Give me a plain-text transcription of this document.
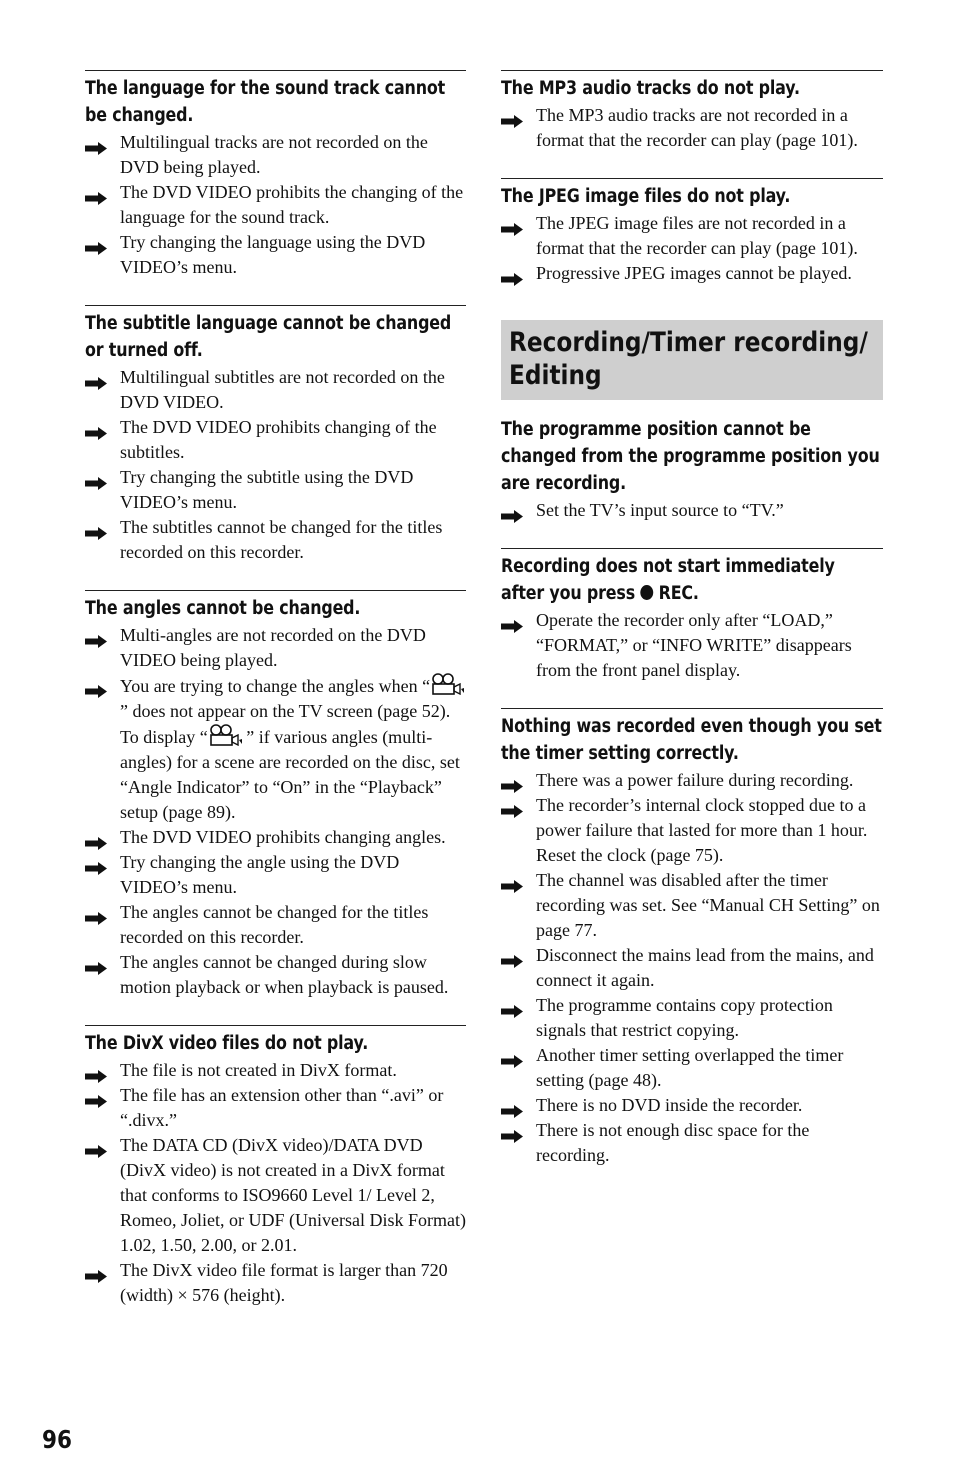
The language for the sound track cannot be changed.
Multilingual tracks are not recorded on the DVD being played.
The DVD VIDEO prohibits the changing of the language for the sound track.
Try changing the language using the DVD VIDEO’s menu.
The subtitle language cannot be changed or turned off.
Multilingual subtitles are not recorded on the DVD VIDEO.
The DVD VIDEO prohibits changing of the subtitles.
Try changing the subtitle using the DVD VIDEO’s menu.
The subtitles cannot be changed for the titles recorded on this recorder.
The angles cannot be changed.
Multi-angles are not recorded on the DVD VIDEO being played.
You are trying to change the angles when “ ” does not appear on the TV screen (page 52). To display “ ” if various angles (multi-angles) for a scene are recorded on the disc, set “Angle Indicator” to “On” in the “Playback” setup (page 89).
The DVD VIDEO prohibits changing angles.
Try changing the angle using the DVD VIDEO’s menu.
The angles cannot be changed for the titles recorded on this recorder.
The angles cannot be changed during slow motion playback or when playback is paused.
The DivX video files do not play.
The file is not created in DivX format.
The file has an extension other than “.avi” or “.divx.”
The DATA CD (DivX video)/DATA DVD (DivX video) is not created in a DivX format that conforms to ISO9660 Level 1/ Level 2, Romeo, Joliet, or UDF (Universal Disk Format) 1.02, 1.50, 2.00, or 2.01.
The DivX video file format is larger than 720 (width) × 576 (height).
The MP3 audio tracks do not play.
The MP3 audio tracks are not recorded in a format that the recorder can play (page 101).
The JPEG image files do not play.
The JPEG image files are not recorded in a format that the recorder can play (page 101).
Progressive JPEG images cannot be played.
Recording/Timer recording/
Editing
The programme position cannot be changed from the programme position you are recording.
Set the TV’s input source to “TV.”
Recording does not start immediately after you press  REC.
Operate the recorder only after “LOAD,” “FORMAT,” or “INFO WRITE” disappears from the front panel display.
Nothing was recorded even though you set the timer setting correctly.
There was a power failure during recording.
The recorder’s internal clock stopped due to a power failure that lasted for more than 1 hour. Reset the clock (page 75).
The channel was disabled after the timer recording was set. See “Manual CH Setting” on page 77.
Disconnect the mains lead from the mains, and connect it again.
The programme contains copy protection signals that restrict copying.
Another timer setting overlapped the timer setting (page 48).
There is no DVD inside the recorder.
There is not enough disc space for the recording.
96
